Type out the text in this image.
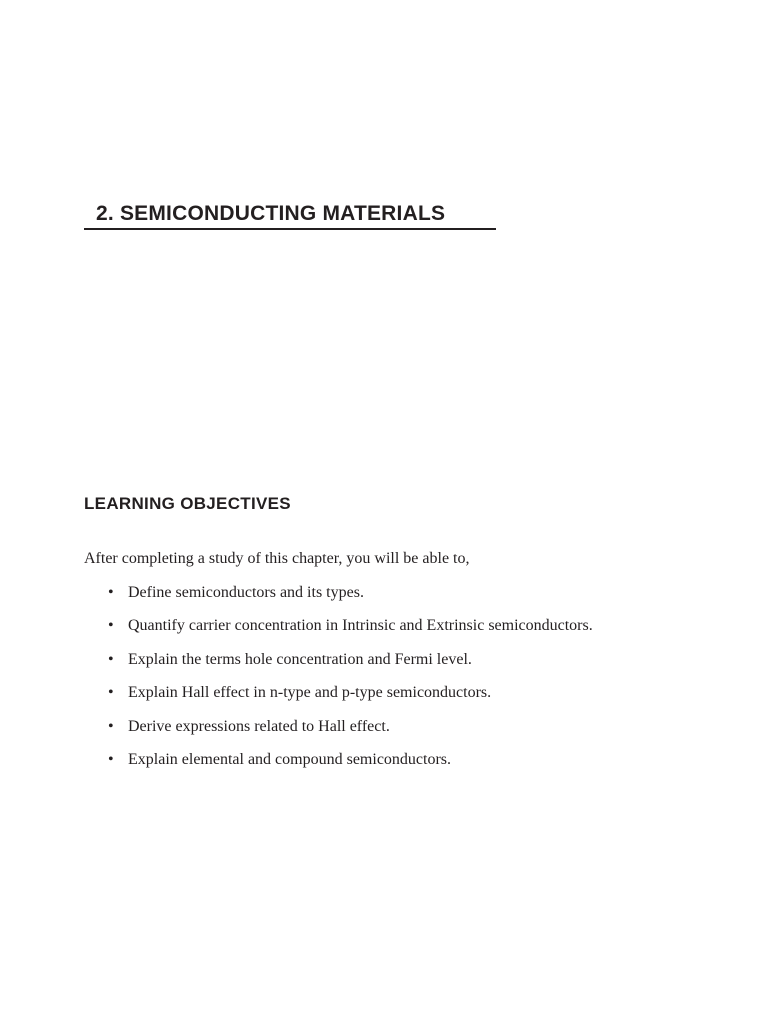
2. SEMICONDUCTING MATERIALS
LEARNING OBJECTIVES
After completing a study of this chapter, you will be able to,
• Define semiconductors and its types.
• Quantify carrier concentration in Intrinsic and Extrinsic semiconductors.
• Explain the terms hole concentration and Fermi level.
• Explain Hall effect in n-type and p-type semiconductors.
• Derive expressions related to Hall effect.
• Explain elemental and compound semiconductors.
